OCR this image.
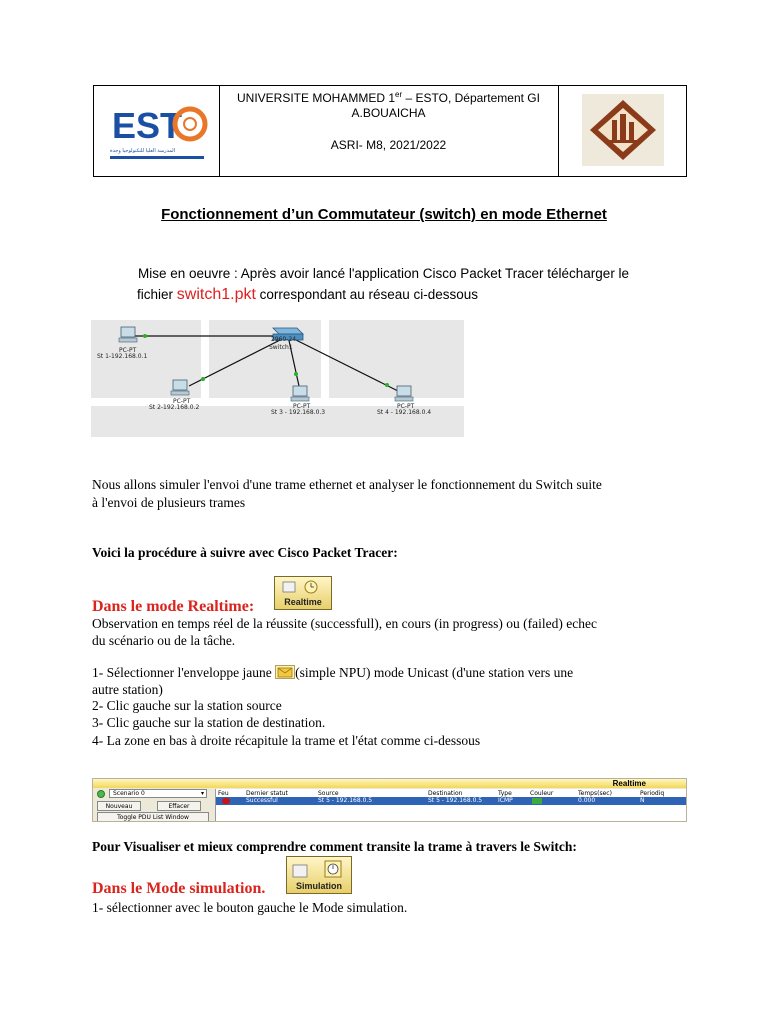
EST
المدرسة العليا للتكنولوجيا وجدة
UNIVERSITE MOHAMMED 1er – ESTO, Département GI
A.BOUAICHA
ASRI- M8, 2021/2022
Fonctionnement d’un Commutateur (switch) en mode Ethernet
Mise en oeuvre : Après avoir lancé l'application Cisco Packet Tracer télécharger le
fichier switch1.pkt correspondant au réseau ci-dessous
2960-24
Switch1
PC-PT
St 1-192.168.0.1
PC-PT
St 2-192.168.0.2	PC-PT
St 3 - 192.168.0.3
PC-PT
St 4 - 192.168.0.4
Nous allons simuler l'envoi d'une trame ethernet et analyser le fonctionnement du Switch suite
à l'envoi de plusieurs trames
Voici la procédure à suivre avec Cisco Packet Tracer:
Dans le mode Realtime:	Realtime
Observation en temps réel de la réussite (successfull), en cours (in progress) ou (failed) echec
du scénario ou de la tâche.
1- Sélectionner l'enveloppe jaune
(simple NPU) mode Unicast (d'une station vers une
autre station)
2- Clic gauche sur la station source
3- Clic gauche sur la station de destination.
4- La zone en bas à droite récapitule la trame et l'état comme ci-dessous
Realtime
Scenario 0	▾
Nouveau	Effacer
Toggle PDU List Window
Feu	Dernier statut	Source	Destination	Type	Couleur	Temps(sec)	Periodiq
Successful	St 5 - 192.168.0.5	St 5 - 192.168.0.5	ICMP	0.000	N
Pour Visualiser et mieux comprendre comment transite la trame à travers le Switch:
Dans le Mode simulation.	Simulation
1- sélectionner avec le bouton gauche le Mode simulation.
